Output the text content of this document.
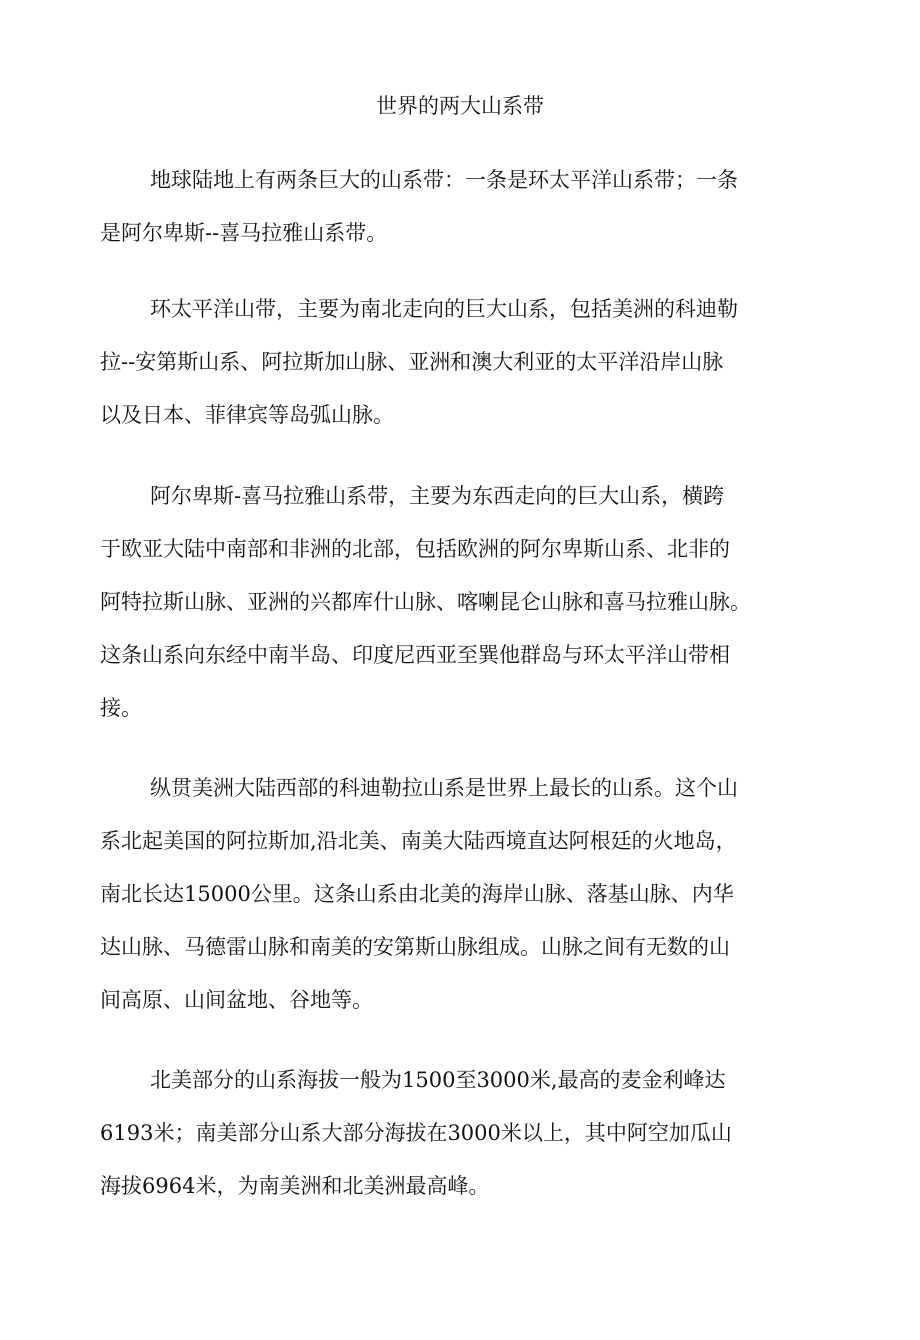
世界的两大山系带
地球陆地上有两条巨大的山系带：一条是环太平洋山系带；一条
是阿尔卑斯--喜马拉雅山系带。
环太平洋山带，主要为南北走向的巨大山系，包括美洲的科迪勒
拉--安第斯山系、阿拉斯加山脉、亚洲和澳大利亚的太平洋沿岸山脉
以及日本、菲律宾等岛弧山脉。
阿尔卑斯-喜马拉雅山系带，主要为东西走向的巨大山系，横跨
于欧亚大陆中南部和非洲的北部，包括欧洲的阿尔卑斯山系、北非的
阿特拉斯山脉、亚洲的兴都库什山脉、喀喇昆仑山脉和喜马拉雅山脉。
这条山系向东经中南半岛、印度尼西亚至巽他群岛与环太平洋山带相
接。
纵贯美洲大陆西部的科迪勒拉山系是世界上最长的山系。这个山
系北起美国的阿拉斯加,沿北美、南美大陆西境直达阿根廷的火地岛，
南北长达15000公里。这条山系由北美的海岸山脉、落基山脉、内华
达山脉、马德雷山脉和南美的安第斯山脉组成。山脉之间有无数的山
间高原、山间盆地、谷地等。
北美部分的山系海拔一般为1500至3000米,最高的麦金利峰达
6193米；南美部分山系大部分海拔在3000米以上，其中阿空加瓜山
海拔6964米，为南美洲和北美洲最高峰。
